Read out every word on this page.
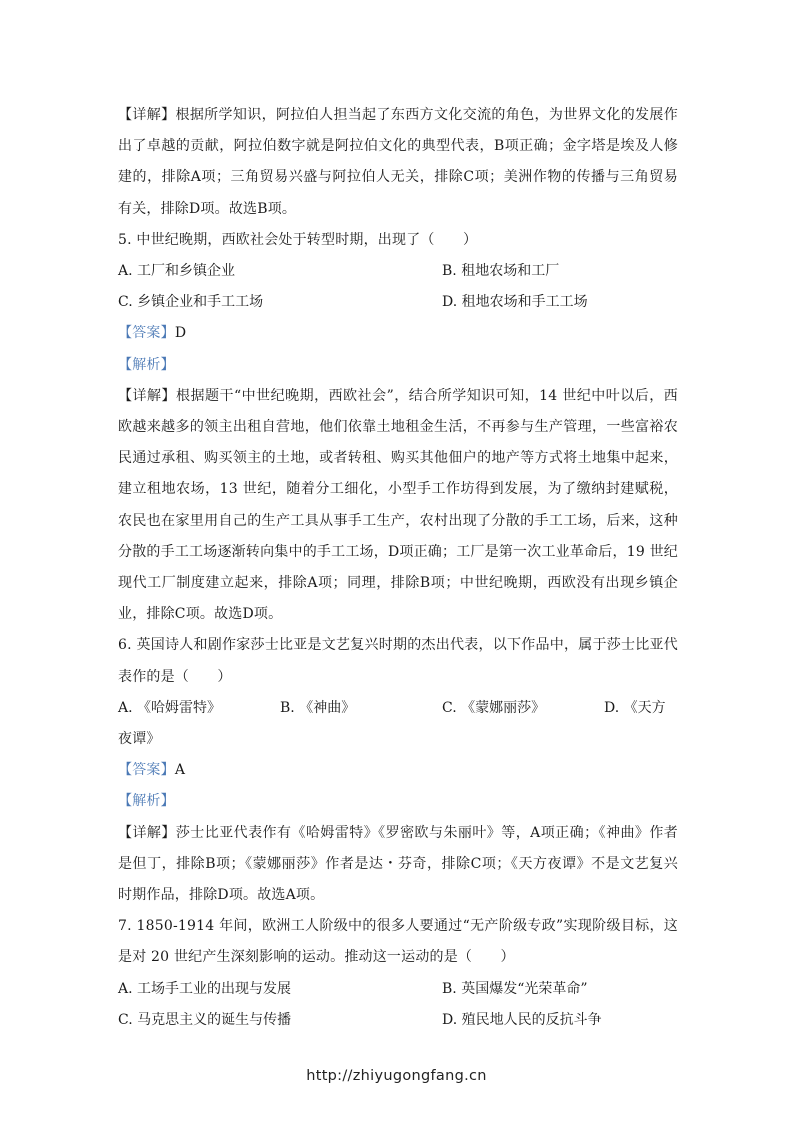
【详解】根据所学知识，阿拉伯人担当起了东西方文化交流的角色，为世界文化的发展作出了卓越的贡献，阿拉伯数字就是阿拉伯文化的典型代表，B项正确；金字塔是埃及人修建的，排除A项；三角贸易兴盛与阿拉伯人无关，排除C项；美洲作物的传播与三角贸易有关，排除D项。故选B项。

5. 中世纪晚期，西欧社会处于转型时期，出现了（　　）

A. 工厂和乡镇企业	B. 租地农场和工厂
C. 乡镇企业和手工工场	D. 租地农场和手工工场

【答案】D

【解析】

【详解】根据题干“中世纪晚期，西欧社会”，结合所学知识可知，14 世纪中叶以后，西欧越来越多的领主出租自营地，他们依靠土地租金生活，不再参与生产管理，一些富裕农民通过承租、购买领主的土地，或者转租、购买其他佃户的地产等方式将土地集中起来，建立租地农场，13 世纪，随着分工细化，小型手工作坊得到发展，为了缴纳封建赋税，农民也在家里用自己的生产工具从事手工生产，农村出现了分散的手工工场，后来，这种分散的手工工场逐渐转向集中的手工工场，D项正确；工厂是第一次工业革命后，19 世纪现代工厂制度建立起来，排除A项；同理，排除B项；中世纪晚期，西欧没有出现乡镇企业，排除C项。故选D项。

6. 英国诗人和剧作家莎士比亚是文艺复兴时期的杰出代表，以下作品中，属于莎士比亚代表作的是（　　）

A. 《哈姆雷特》	B. 《神曲》	C. 《蒙娜丽莎》	D. 《天方

夜谭》

【答案】A

【解析】

【详解】莎士比亚代表作有《哈姆雷特》《罗密欧与朱丽叶》等，A项正确；《神曲》作者是但丁，排除B项；《蒙娜丽莎》作者是达・芬奇，排除C项；《天方夜谭》不是文艺复兴时期作品，排除D项。故选A项。

7. 1850-1914 年间，欧洲工人阶级中的很多人要通过“无产阶级专政”实现阶级目标，这是对 20 世纪产生深刻影响的运动。推动这一运动的是（　　）

A. 工场手工业的出现与发展	B. 英国爆发“光荣革命”
C. 马克思主义的诞生与传播	D. 殖民地人民的反抗斗争
http://zhiyugongfang.cn
